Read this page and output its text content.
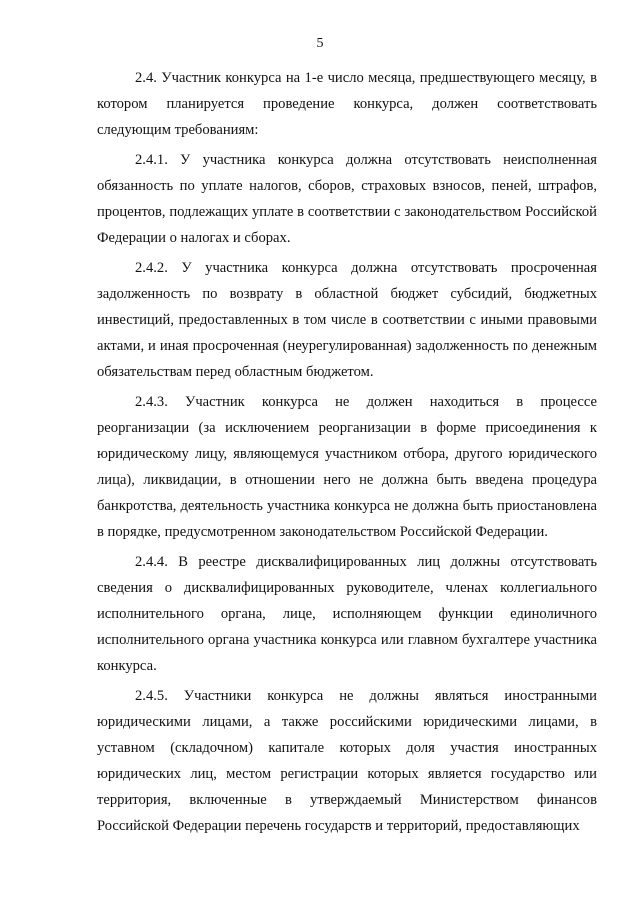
5

2.4. Участник конкурса на 1-е число месяца, предшествующего месяцу, в котором планируется проведение конкурса, должен соответствовать следующим требованиям:

2.4.1. У участника конкурса должна отсутствовать неисполненная обязанность по уплате налогов, сборов, страховых взносов, пеней, штрафов, процентов, подлежащих уплате в соответствии с законодательством Российской Федерации о налогах и сборах.

2.4.2. У участника конкурса должна отсутствовать просроченная задолженность по возврату в областной бюджет субсидий, бюджетных инвестиций, предоставленных в том числе в соответствии с иными правовыми актами, и иная просроченная (неурегулированная) задолженность по денежным обязательствам перед областным бюджетом.

2.4.3. Участник конкурса не должен находиться в процессе реорганизации (за исключением реорганизации в форме присоединения к юридическому лицу, являющемуся участником отбора, другого юридического лица), ликвидации, в отношении него не должна быть введена процедура банкротства, деятельность участника конкурса не должна быть приостановлена в порядке, предусмотренном законодательством Российской Федерации.

2.4.4. В реестре дисквалифицированных лиц должны отсутствовать сведения о дисквалифицированных руководителе, членах коллегиального исполнительного органа, лице, исполняющем функции единоличного исполнительного органа участника конкурса или главном бухгалтере участника конкурса.

2.4.5. Участники конкурса не должны являться иностранными юридическими лицами, а также российскими юридическими лицами, в уставном (складочном) капитале которых доля участия иностранных юридических лиц, местом регистрации которых является государство или территория, включенные в утверждаемый Министерством финансов Российской Федерации перечень государств и территорий, предоставляющих
